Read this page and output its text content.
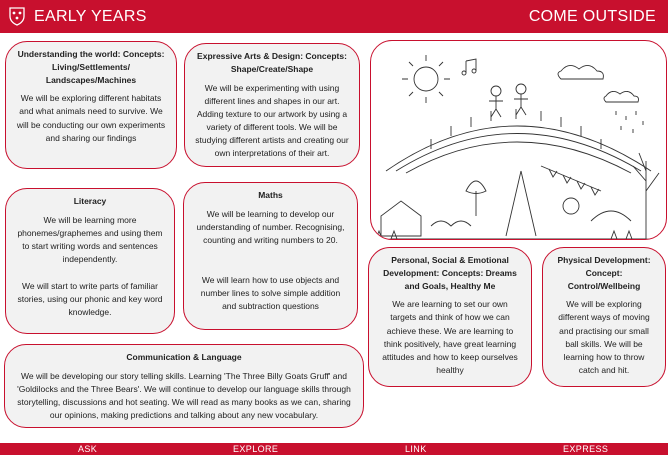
EARLY YEARS	COME OUTSIDE
Understanding the world: Concepts: Living/Settlements/ Landscapes/Machines
We will be exploring different habitats and what animals need to survive. We will be conducting our own experiments and sharing our findings
Expressive Arts & Design: Concepts: Shape/Create/Shape
We will be experimenting with using different lines and shapes in our art. Adding texture to our artwork by using a variety of different tools. We will be studying different artists and creating our own interpretations of their art.
Literacy
We will be learning more phonemes/graphemes and using them to start writing words and sentences independently.

We will start to write parts of familiar stories, using our phonic and key word knowledge.
Maths
We will be learning to develop our understanding of number. Recognising, counting and writing numbers to 20.

We will learn how to use objects and number lines to solve simple addition and subtraction questions
Personal, Social & Emotional Development: Concepts: Dreams and Goals, Healthy Me
We are learning to set our own targets and think of how we can achieve these. We are learning to think positively, have great learning attitudes and how to keep ourselves healthy
Physical Development: Concept: Control/Wellbeing
We will be exploring different ways of moving and practising our small ball skills. We will be learning how to throw catch and hit.
Communication & Language
We will be developing our story telling skills. Learning 'The Three Billy Goats Gruff' and 'Goldilocks and the Three Bears'. We will continue to develop our language skills through storytelling, discussions and hot seating. We will read as many books as we can, sharing our opinions, making predictions and talking about any new vocabulary.
ASK	EXPLORE	LINK	EXPRESS
